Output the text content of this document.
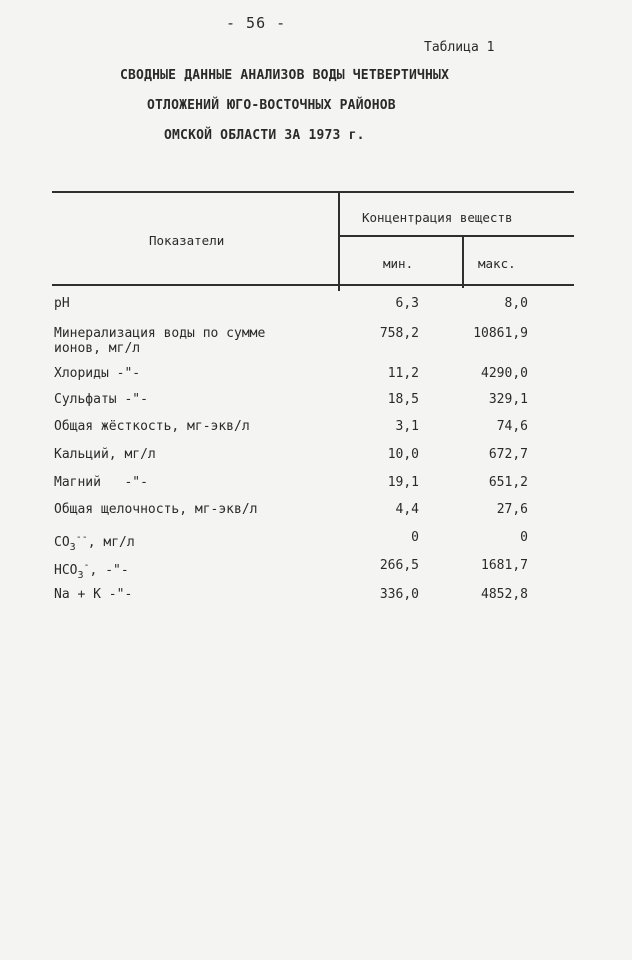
- 56 -
Таблица 1
СВОДНЫЕ ДАННЫЕ АНАЛИЗОВ ВОДЫ ЧЕТВЕРТИЧНЫХ
ОТЛОЖЕНИЙ ЮГО-ВОСТОЧНЫХ РАЙОНОВ
ОМСКОЙ ОБЛАСТИ ЗА 1973 г.
Показатели
Концентрация веществ
мин.	макс.
pH	6,3	8,0
Минерализация воды по сумме ионов, мг/л
758,2	10861,9
Хлориды -"-	11,2	4290,0
Сульфаты -"-	18,5	329,1
Общая жёсткость, мг-экв/л	3,1	74,6
Кальций, мг/л	10,0	672,7
Магний   -"-	19,1	651,2
Общая щелочность, мг-экв/л	4,4	27,6
$CO_3^{--}$, мг/л	0	0
$HCO_3^-$, -"-	266,5	1681,7
Na + K -"-	336,0	4852,8
